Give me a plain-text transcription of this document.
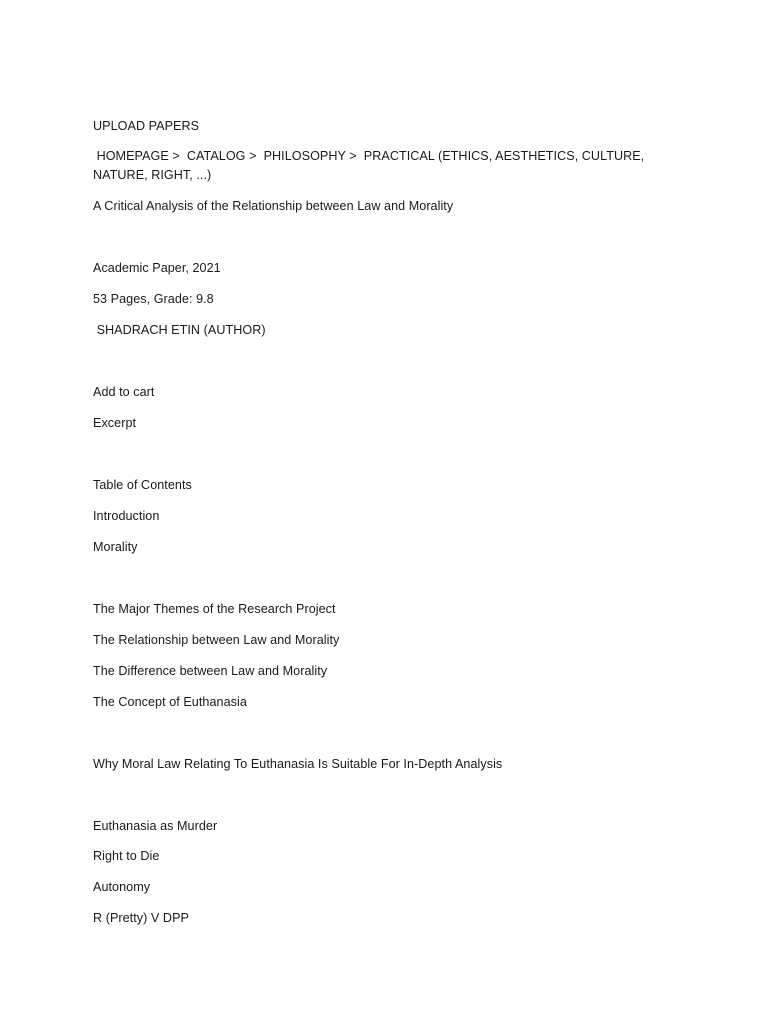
UPLOAD PAPERS
HOMEPAGE >  CATALOG >  PHILOSOPHY >  PRACTICAL (ETHICS, AESTHETICS, CULTURE, NATURE, RIGHT, ...)
A Critical Analysis of the Relationship between Law and Morality
Academic Paper, 2021
53 Pages, Grade: 9.8
SHADRACH ETIN (AUTHOR)
Add to cart
Excerpt
Table of Contents
Introduction
Morality
The Major Themes of the Research Project
The Relationship between Law and Morality
The Difference between Law and Morality
The Concept of Euthanasia
Why Moral Law Relating To Euthanasia Is Suitable For In-Depth Analysis
Euthanasia as Murder
Right to Die
Autonomy
R (Pretty) V DPP
